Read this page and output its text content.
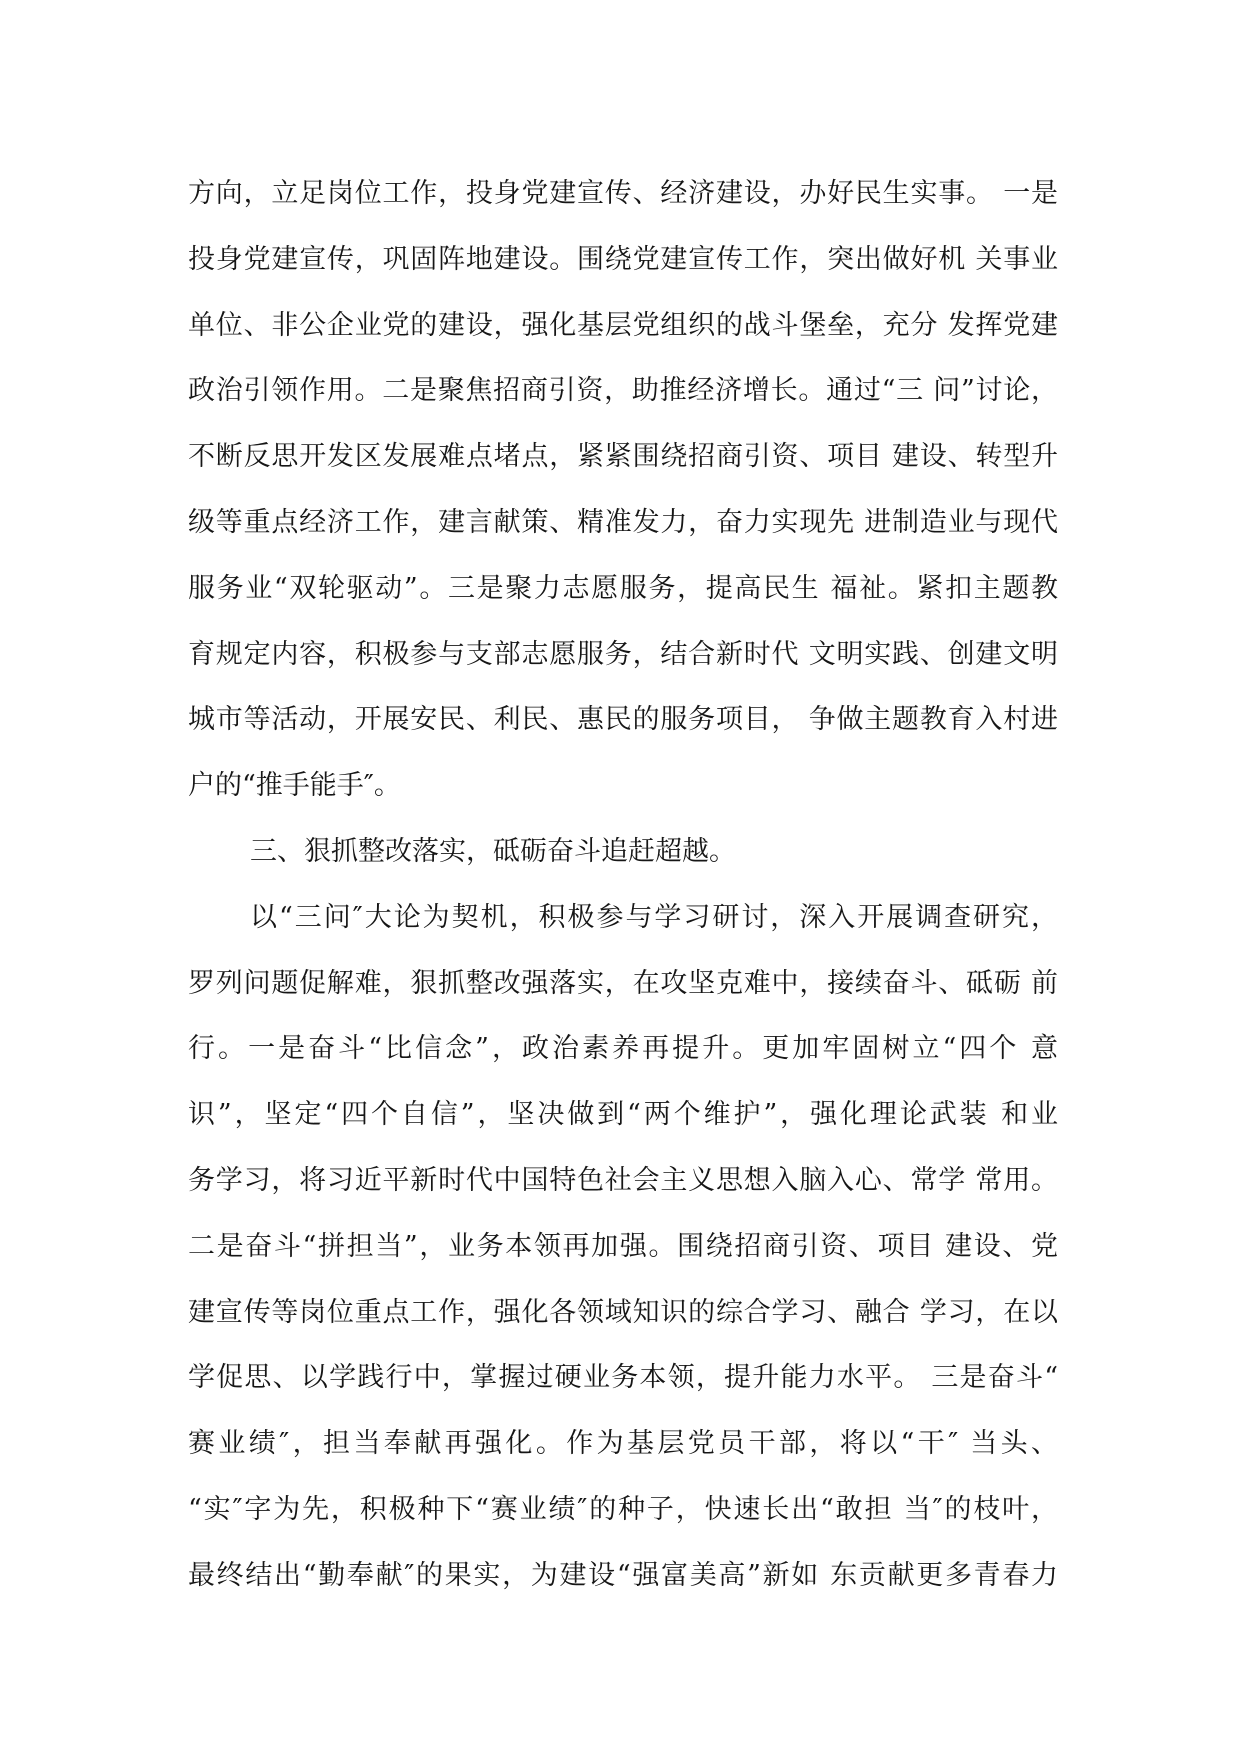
方向，立足岗位工作，投身党建宣传、经济建设，办好民生实事。 一是
投身党建宣传，巩固阵地建设。围绕党建宣传工作，突出做好机 关事业
单位、非公企业党的建设，强化基层党组织的战斗堡垒，充分 发挥党建
政治引领作用。二是聚焦招商引资，助推经济增长。通过“三 问”讨论，
不断反思开发区发展难点堵点，紧紧围绕招商引资、项目 建设、转型升
级等重点经济工作，建言献策、精准发力，奋力实现先 进制造业与现代
服务业“双轮驱动”。三是聚力志愿服务，提高民生 福祉。紧扣主题教
育规定内容，积极参与支部志愿服务，结合新时代 文明实践、创建文明
城市等活动，开展安民、利民、惠民的服务项目， 争做主题教育入村进
户的“推手能手″。
三、狠抓整改落实，砥砺奋斗追赶超越。
以“三问″大论为契机，积极参与学习研讨，深入开展调查研究，
罗列问题促解难，狠抓整改强落实，在攻坚克难中，接续奋斗、砥砺 前
行。一是奋斗“比信念”，政治素养再提升。更加牢固树立“四个 意
识”，坚定“四个自信”，坚决做到“两个维护”，强化理论武装 和业
务学习，将习近平新时代中国特色社会主义思想入脑入心、常学 常用。
二是奋斗“拼担当”，业务本领再加强。围绕招商引资、项目 建设、党
建宣传等岗位重点工作，强化各领域知识的综合学习、融合 学习，在以
学促思、以学践行中，掌握过硬业务本领，提升能力水平。 三是奋斗“
赛业绩″，担当奉献再强化。作为基层党员干部，将以“干″ 当头、
“实″字为先，积极种下“赛业绩″的种子，快速长出“敢担 当″的枝叶，
最终结出“勤奉献″的果实，为建设“强富美高”新如 东贡献更多青春力
